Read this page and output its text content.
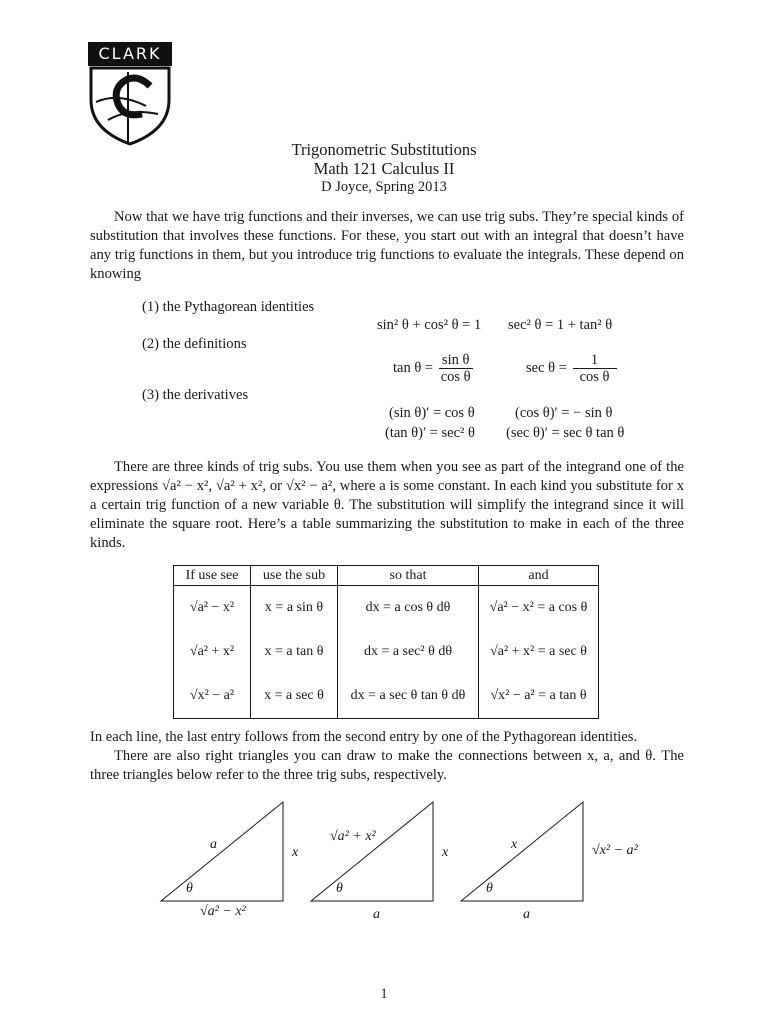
CLARK
Trigonometric Substitutions
Math 121 Calculus II
D Joyce, Spring 2013
Now that we have trig functions and their inverses, we can use trig subs. They’re special kinds of substitution that involves these functions. For these, you start out with an integral that doesn’t have any trig functions in them, but you introduce trig functions to evaluate the integrals. These depend on knowing
(1) the Pythagorean identities
sin² θ + cos² θ = 1 sec² θ = 1 + tan² θ
(2) the definitions
$\tan \theta = \frac{\text{sin θ}}{\text{cos θ}}$	$\sec \theta = \frac{1}{\text{cos θ}}$
(3) the derivatives
(sin θ)′ = cos θ	(cos θ)′ = − sin θ
(tan θ)′ = sec² θ (sec θ)′ = sec θ tan θ
There are three kinds of trig subs. You use them when you see as part of the integrand one of the expressions √a² − x², √a² + x², or √x² − a², where a is some constant. In each kind you substitute for x a certain trig function of a new variable θ. The substitution will simplify the integrand since it will eliminate the square root. Here’s a table summarizing the substitution to make in each of the three kinds.
If use see	use the sub	so that	and
√a² − x²	x = a sin θ	dx = a cos θ dθ	√a² − x² = a cos θ
√a² + x²	x = a tan θ	dx = a sec² θ dθ	√a² + x² = a sec θ
√x² − a²	x = a sec θ	dx = a sec θ tan θ dθ	√x² − a² = a tan θ
In each line, the last entry follows from the second entry by one of the Pythagorean identities.
There are also right triangles you can draw to make the connections between x, a, and θ. The three triangles below refer to the three trig subs, respectively.
a
x
θ
√a² − x²
√a² + x²
x
θ
a
x	√x² − a²
θ
a
1
